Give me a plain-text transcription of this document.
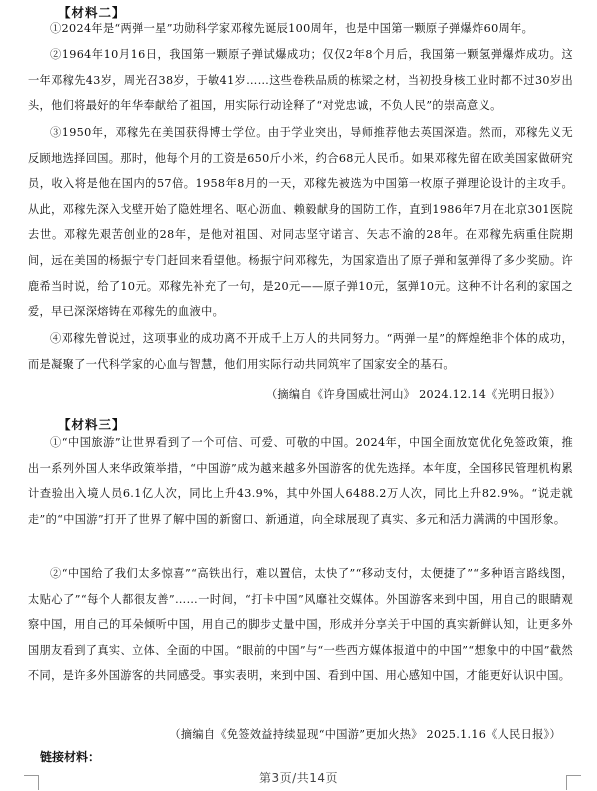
【材料二】

①2024年是“两弹一星”功勋科学家邓稼先诞辰100周年，也是中国第一颗原子弹爆炸60周年。

②1964年10月16日，我国第一颗原子弹试爆成功；仅仅2年8个月后，我国第一颗氢弹爆炸成功。这一年邓稼先43岁，周光召38岁，于敏41岁……这些卷秩品质的栋梁之材，当初投身核工业时都不过30岁出头，他们将最好的年华奉献给了祖国，用实际行动诠释了“对党忠诚，不负人民”的崇高意义。

③1950年，邓稼先在美国获得博士学位。由于学业突出，导师推荐他去英国深造。然而，邓稼先义无反顾地选择回国。那时，他每个月的工资是650斤小米，约合68元人民币。如果邓稼先留在欧美国家做研究员，收入将是他在国内的57倍。1958年8月的一天，邓稼先被选为中国第一枚原子弹理论设计的主攻手。从此，邓稼先深入戈壁开始了隐姓埋名、呕心沥血、赖毅献身的国防工作，直到1986年7月在北京301医院去世。邓稼先艰苦创业的28年，是他对祖国、对同志坚守诺言、矢志不渝的28年。在邓稼先病重住院期间，远在美国的杨振宁专门赶回来看望他。杨振宁问邓稼先，为国家造出了原子弹和氢弹得了多少奖励。许鹿希当时说，给了10元。邓稼先补充了一句，是20元——原子弹10元，氢弹10元。这种不计名利的家国之爱，早已深深熔铸在邓稼先的血液中。

④邓稼先曾说过，这项事业的成功离不开成千上万人的共同努力。“两弹一星”的辉煌绝非个体的成功，而是凝聚了一代科学家的心血与智慧，他们用实际行动共同筑牢了国家安全的基石。

（摘编自《许身国威壮河山》 2024.12.14《光明日报》）
【材料三】

①“中国旅游”让世界看到了一个可信、可爱、可敬的中国。2024年，中国全面放宽优化免签政策，推出一系列外国人来华政策举措，“中国游”成为越来越多外国游客的优先选择。本年度，全国移民管理机构累计查验出入境人员6.1亿人次，同比上升43.9%，其中外国人6488.2万人次，同比上升82.9%。“说走就走”的“中国游”打开了世界了解中国的新窗口、新通道，向全球展现了真实、多元和活力满满的中国形象。

②“中国给了我们太多惊喜”“高铁出行，难以置信，太快了”“移动支付，太便捷了”“多种语言路线图，太贴心了”“每个人都很友善”……一时间，“打卡中国”风靡社交媒体。外国游客来到中国，用自己的眼睛观察中国，用自己的耳朵倾听中国，用自己的脚步丈量中国，形成并分享关于中国的真实新鲜认知，让更多外国朋友看到了真实、立体、全面的中国。“眼前的中国”与“一些西方媒体报道中的中国”“想象中的中国”截然不同，是许多外国游客的共同感受。事实表明，来到中国、看到中国、用心感知中国，才能更好认识中国。

（摘编自《免签效益持续显现“中国游”更加火热》 2025.1.16《人民日报》）
链接材料：
第3页/共14页
